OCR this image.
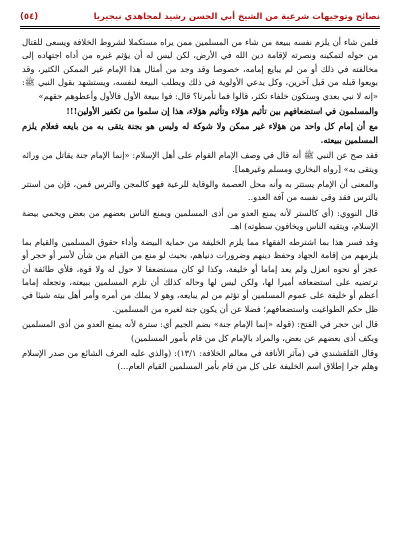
نصائح وتوجيهات شرعية من الشيخ أبي الحسن رشيد لمجاهدي نيجيريا
(٥٤)

فلمن شاء أن يلزم نفسه ببيعة من شاء من المسلمين ممن يراه مستكملا لشروط الخلافة ويسعى للقتال من حوله لتمكينه ونصرته لإقامة دين الله في الأرض، لكن ليس له أن يؤثم غيره من أداه اجتهاده إلى مخالفته في ذلك أو من لم يبايع إمامه، خصوصا وقد وجد من أمثال هذا الإمام غير الممكن الكثير، وقد بويعوا قبله من قبل آخرين، وكل يدعي الأولوية في ذلك ويطلب البيعة لنفسه، ويستشهد بقول النبي ﷺ: «إنه لا نبي بعدي وستكون خلفاء تكثر، قالوا فما تأمرنا؟ قال: فوا ببيعة الأول فالأول وأعطوهم حقهم»

والمسلمون في استضعافهم بين تأثيم هؤلاء وتأثيم هؤلاء، هذا إن سلموا من تكفير الأولين!!!

مع أن إمام كل واحد من هؤلاء غير ممكن ولا شوكة له وليس هو بجنة يتقى به من بايعه فعلام يلزم المسلمين ببيعته.

فقد صح عن النبي ﷺ أنه قال في وصف الإمام القوام على أهل الإسلام: «إنما الإمام جنة يقاتل من ورائه ويتقى به» [رواه البخاري ومسلم وغيرهما].

والمعنى أن الإمام يستتر به وأنه محل العصمة والوقاية للرعية فهو كالمجن والترس فمن، فإن من استتر بالترس فقد وقى نفسه من آفة العدو..

قال النووي: (أي كالستر لأنه يمنع العدو من أذى المسلمين ويمنع الناس بعضهم من بعض ويحمي بيضة الإسلام، ويتقيه الناس ويخافون سطوته) اهـ.

وقد فسر هذا بما اشترطه الفقهاء مما يلزم الخليفة من حماية البيضة وأداء حقوق المسلمين والقيام بما يلزمهم من إقامة الجهاد وحفظ دينهم وضرورات دنياهم، بحيث لو منع من القيام من شأن لأسر أو حجر أو عجز أو نحوه انعزل ولم يعد إماما أو خليفة، وكذا لو كان مستضعفا لا حول له ولا قوة، فلأي طائفة أن ترتضيه على استضعافه أميرا لها، ولكن ليس لها وحاله كذلك أن تلزم المسلمين ببيعته، وتجعله إماما أعظم أو خليفة على عموم المسلمين أو تؤثم من لم يبايعه، وهو لا يملك من أمره وأمر أهل بيته شيئا في ظل حكم الطواغيت واستضعافهم؛ فضلا عن أن يكون جنة لغيره من المسلمين.

قال ابن حجر في الفتح: (قوله «إنما الإمام جنة» بضم الجيم أي: سترة لأنه يمنع العدو من أذى المسلمين ويكف أذى بعضهم عن بعض، والمراد بالإمام كل من قام بأمور المسلمين)

وقال القلقشندي في (مآثر الأنافة في معالم الخلافة: ١٣/١): (والذي عليه العرف الشائع من صدر الإسلام وهلم جرا إطلاق اسم الخليفة على كل من قام بأمر المسلمين القيام العام...)
